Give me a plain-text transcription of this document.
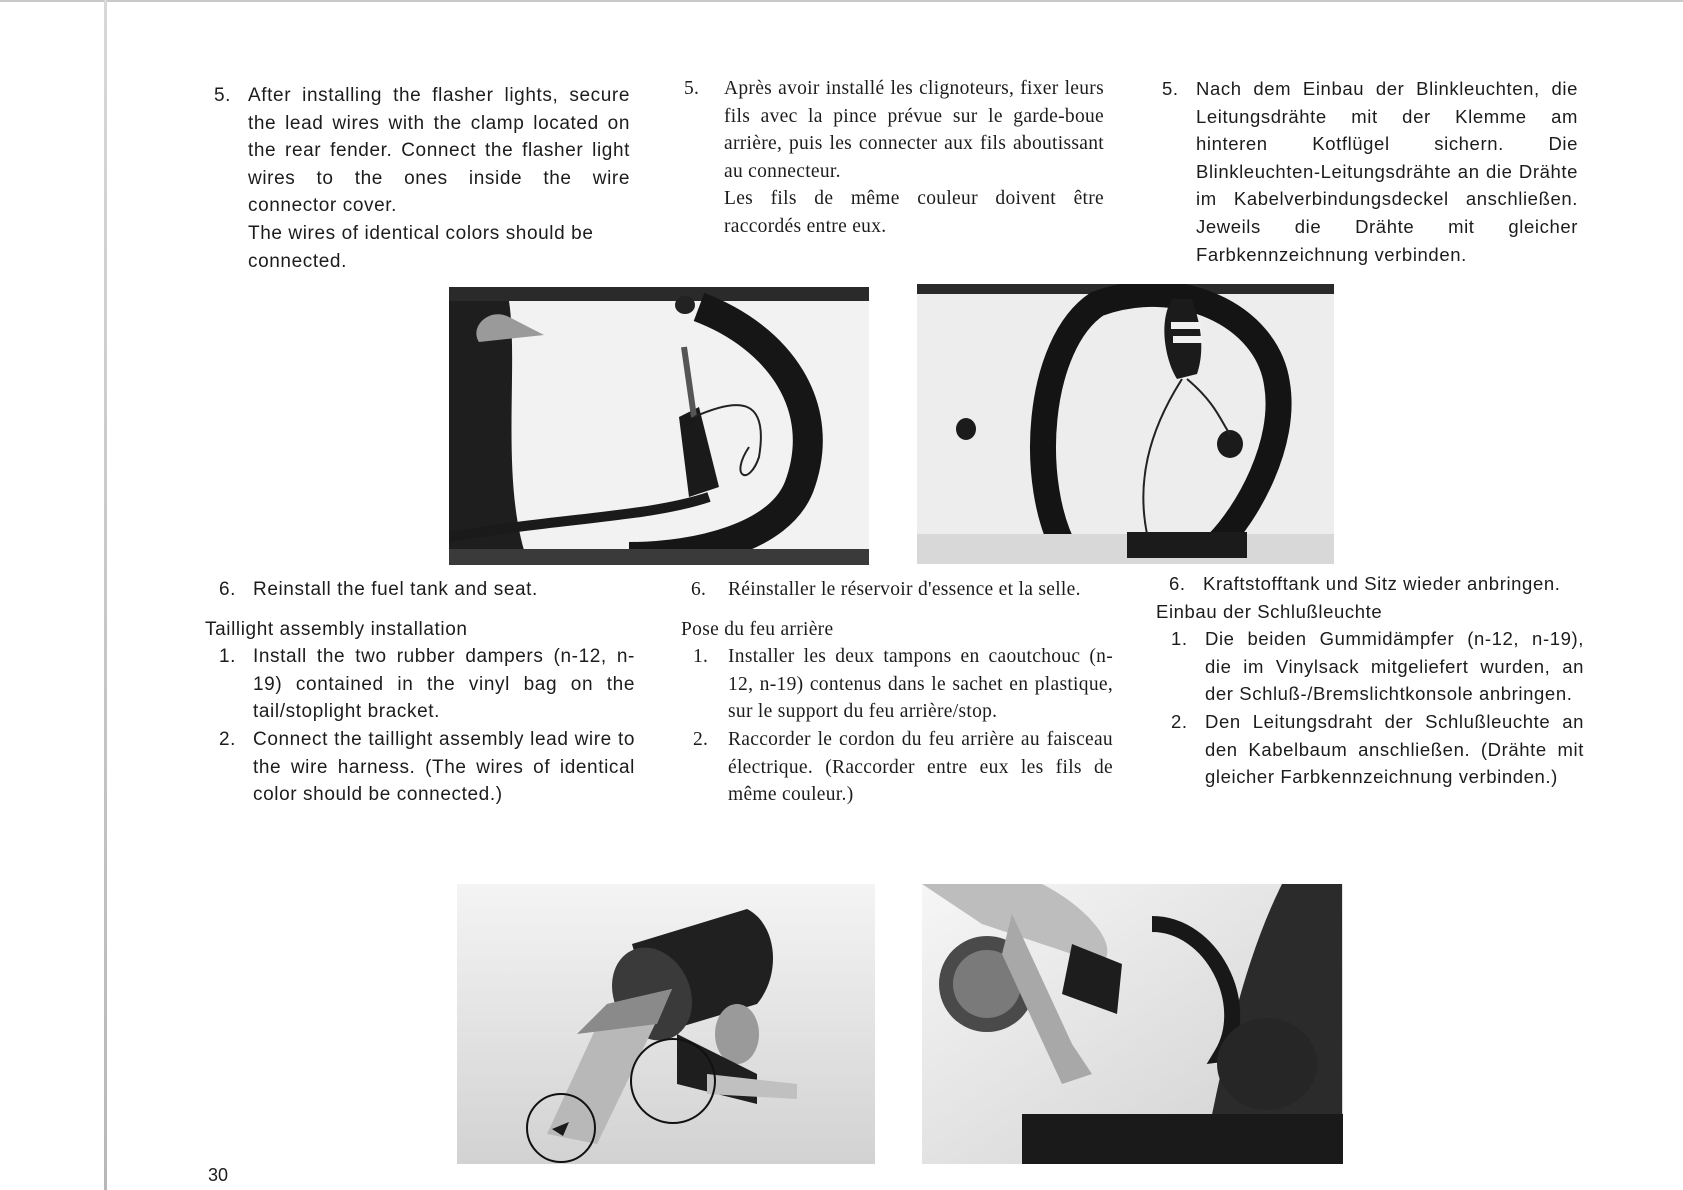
5. After installing the flasher lights, secure the lead wires with the clamp located on the rear fender. Connect the flasher light wires to the ones inside the wire connector cover.

The wires of identical colors should be connected.

5.	Après avoir installé les clignoteurs, fixer leurs fils avec la pince prévue sur le garde-boue arrière, puis les connecter aux fils aboutissant au connecteur.

Les fils de même couleur doivent être raccordés entre eux.

5. Nach dem Einbau der Blinkleuchten, die Leitungsdrähte mit der Klemme am hinteren Kotflügel sichern. Die Blinkleuchten-Leitungsdrähte an die Drähte im Kabelverbindungsdeckel anschließen. Jeweils die Drähte mit gleicher Farbkennzeichnung verbinden.

6. Reinstall the fuel tank and seat.

Taillight assembly installation

1. Install the two rubber dampers (n-12, n-19) contained in the vinyl bag on the tail/stoplight bracket.
2. Connect the taillight assembly lead wire to the wire harness. (The wires of identical color should be connected.)
6.	Réinstaller le réservoir d'essence et la selle.

Pose du feu arrière

1.	Installer les deux tampons en caoutchouc (n-12, n-19) contenus dans le sachet en plastique, sur le support du feu arrière/stop.
2.	Raccorder le cordon du feu arrière au faisceau électrique. (Raccorder entre eux les fils de même couleur.)
6. Kraftstofftank und Sitz wieder anbringen.

Einbau der Schlußleuchte

1. Die beiden Gummidämpfer (n-12, n-19), die im Vinylsack mitgeliefert wurden, an der Schluß-/Bremslichtkonsole anbringen.
2. Den Leitungsdraht der Schlußleuchte an den Kabelbaum anschließen. (Drähte mit gleicher Farbkennzeichnung verbinden.)
30
